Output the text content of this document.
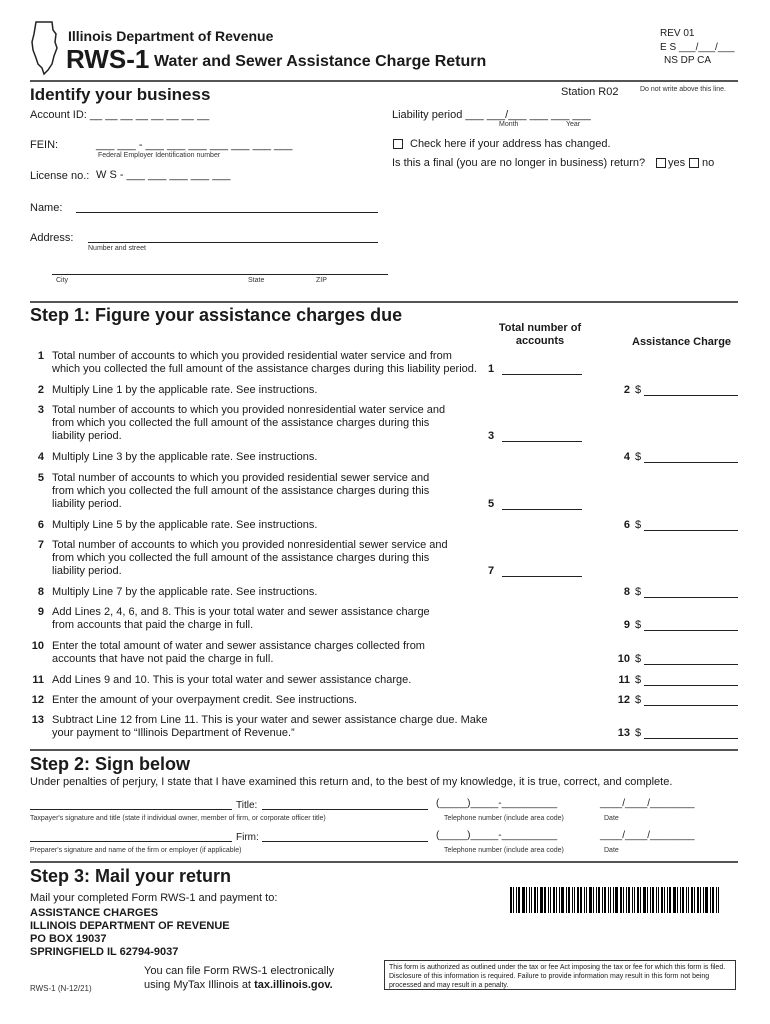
Illinois Department of Revenue
RWS-1 Water and Sewer Assistance Charge Return
REV 01
E S ___/___/___
NS DP CA
Identify your business	Station R02	Do not write above this line.
Account ID: __ __ __ __ __ __ __ __	Liability period ___ ___/___ ___ ___ ___
Month	Year
FEIN:	___ ___ - ___ ___ ___ ___ ___ ___ ___
Federal Employer Identification number
Check here if your address has changed.
Is this a final (you are no longer in business) return? yes no
License no.: W S - ___ ___ ___ ___ ___
Name:
Address:
Number and street
City	State	ZIP
Step 1: Figure your assistance charges due
Total number of accounts	Assistance Charge
1 Total number of accounts to which you provided residential water service and from which you collected the full amount of the assistance charges during this liability period.	1
2 Multiply Line 1 by the applicable rate. See instructions.	2 $
3 Total number of accounts to which you provided nonresidential water service and from which you collected the full amount of the assistance charges during this liability period.	3
4 Multiply Line 3 by the applicable rate. See instructions.	4 $
5 Total number of accounts to which you provided residential sewer service and from which you collected the full amount of the assistance charges during this liability period.	5
6 Multiply Line 5 by the applicable rate. See instructions.	6 $
7 Total number of accounts to which you provided nonresidential sewer service and from which you collected the full amount of the assistance charges during this liability period.	7
8 Multiply Line 7 by the applicable rate. See instructions.	8 $
9 Add Lines 2, 4, 6, and 8. This is your total water and sewer assistance charge from accounts that paid the charge in full.	9 $
10 Enter the total amount of water and sewer assistance charges collected from accounts that have not paid the charge in full.	10 $
11 Add Lines 9 and 10. This is your total water and sewer assistance charge.	11 $
12 Enter the amount of your overpayment credit. See instructions.	12 $
13 Subtract Line 12 from Line 11. This is your water and sewer assistance charge due. Make your payment to “Illinois Department of Revenue.”	13 $
Step 2: Sign below
Under penalties of perjury, I state that I have examined this return and, to the best of my knowledge, it is true, correct, and complete.
Title:	(_____)_____-__________	____/____/________
Taxpayer's signature and title (state if individual owner, member of firm, or corporate officer title)	Telephone number (include area code)	Date
Firm:	(_____)_____-__________	____/____/________
Preparer's signature and name of the firm or employer (if applicable)	Telephone number (include area code)	Date
Step 3: Mail your return
Mail your completed Form RWS-1 and payment to:
ASSISTANCE CHARGES
ILLINOIS DEPARTMENT OF REVENUE
PO BOX 19037
SPRINGFIELD IL 62794-9037
You can file Form RWS-1 electronically
using MyTax Illinois at tax.illinois.gov.
RWS-1 (N-12/21)
This form is authorized as outlined under the tax or fee Act imposing the tax or fee for which this form is filed. Disclosure of this information is required. Failure to provide information may result in this form not being processed and may result in a penalty.
